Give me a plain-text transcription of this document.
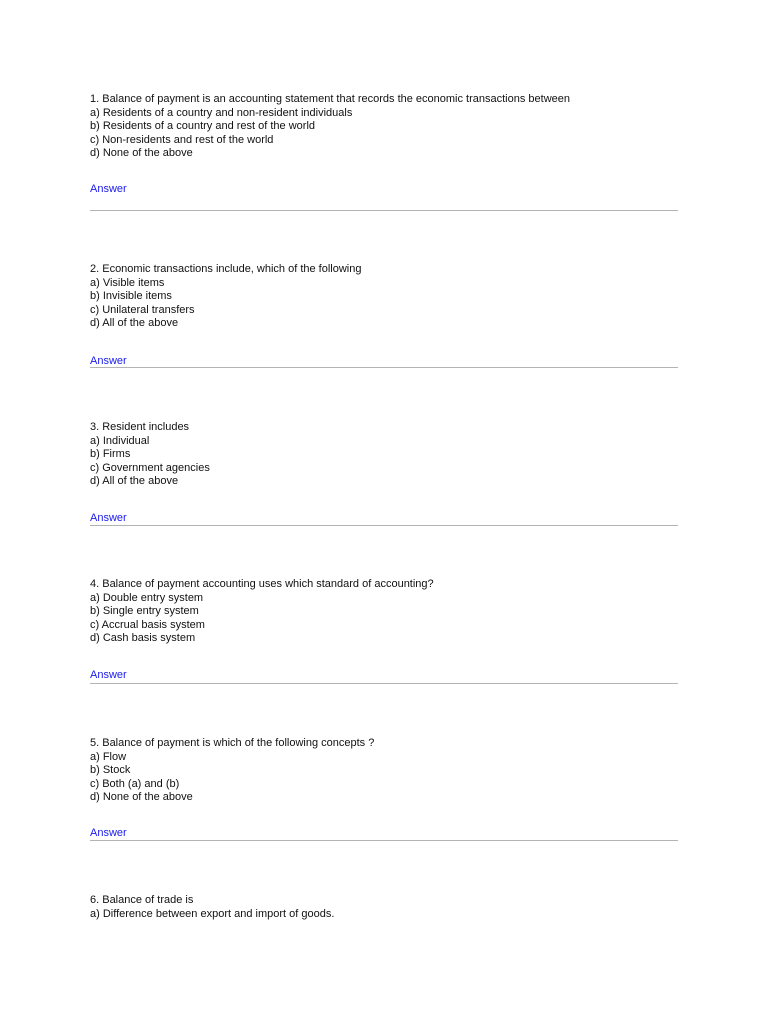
1. Balance of payment is an accounting statement that records the economic transactions between
a) Residents of a country and non-resident individuals
b) Residents of a country and rest of the world
c) Non-residents and rest of the world
d) None of the above
Answer
2. Economic transactions include, which of the following
a) Visible items
b) Invisible items
c) Unilateral transfers
d) All of the above
Answer
3. Resident includes
a) Individual
b) Firms
c) Government agencies
d) All of the above
Answer
4. Balance of payment accounting uses which standard of accounting?
a) Double entry system
b) Single entry system
c) Accrual basis system
d) Cash basis system
Answer
5. Balance of payment is which of the following concepts ?
a) Flow
b) Stock
c) Both (a) and (b)
d) None of the above
Answer
6. Balance of trade is
a) Difference between export and import of goods.
